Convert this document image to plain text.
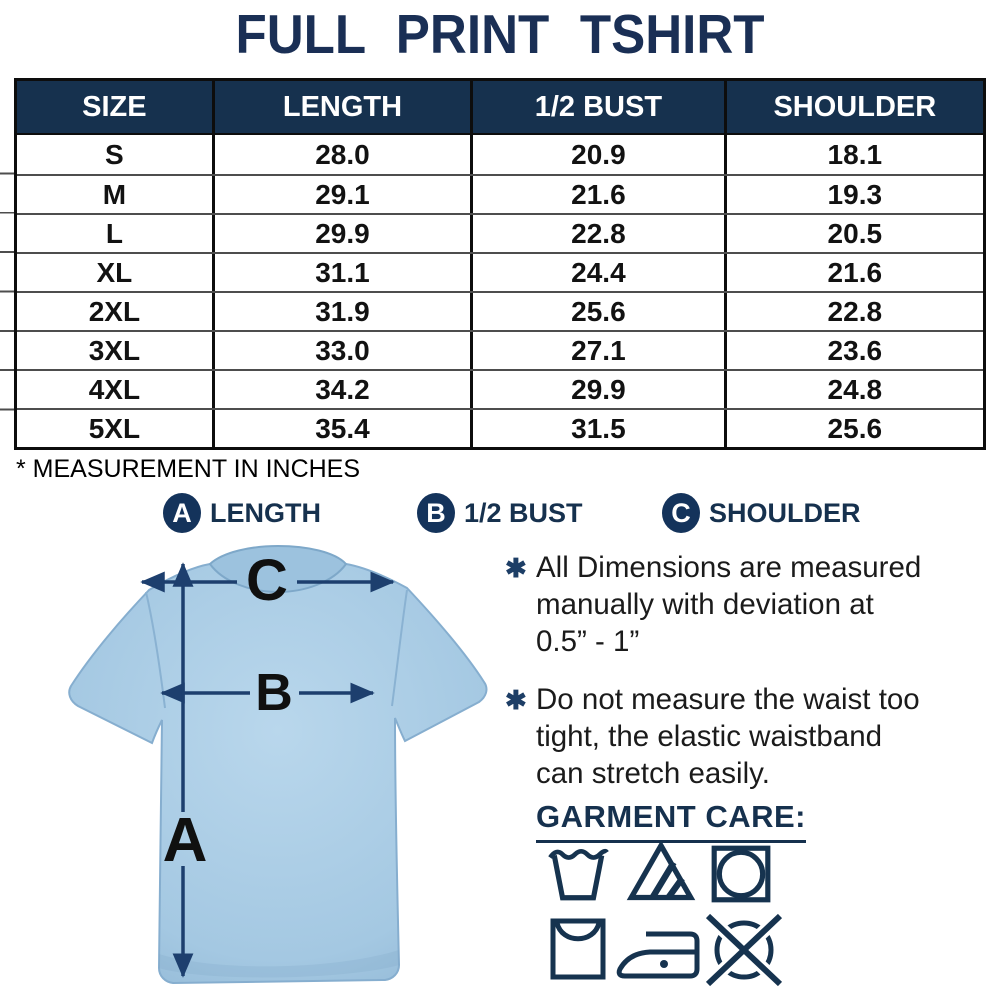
FULL PRINT TSHIRT
SIZE	LENGTH	1/2 BUST	SHOULDER
S	28.0	20.9	18.1
M	29.1	21.6	19.3
L	29.9	22.8	20.5
XL	31.1	24.4	21.6
2XL	31.9	25.6	22.8
3XL	33.0	27.1	23.6
4XL	34.2	29.9	24.8
5XL	35.4	31.5	25.6
* MEASUREMENT IN INCHES
A LENGTH	B 1/2 BUST	C SHOULDER
C
B
A
✱ All Dimensions are measured
manually with deviation at
0.5” - 1”
✱ Do not measure the waist too
tight, the elastic waistband
can stretch easily.
GARMENT CARE:
